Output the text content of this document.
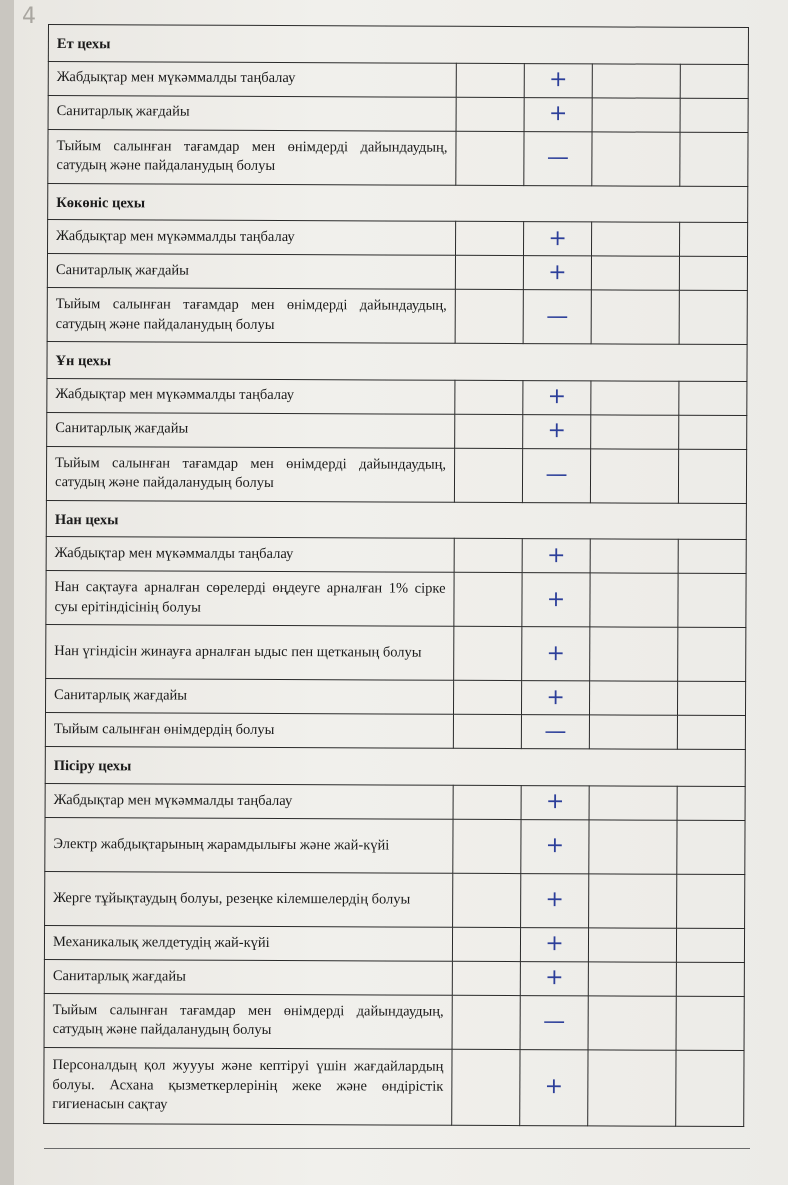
4
Ет цехы				
Жабдықтар мен мүкәммалды таңбалау		+		
Санитарлық жағдайы		+		
Тыйым салынған тағамдар мен өнімдерді дайындаудың, сатудың және пайдаланудың болуы		—		
Көкөніс цехы				
Жабдықтар мен мүкәммалды таңбалау		+		
Санитарлық жағдайы		+		
Тыйым салынған тағамдар мен өнімдерді дайындаудың, сатудың және пайдаланудың болуы		—		
Ұн цехы				
Жабдықтар мен мүкәммалды таңбалау		+		
Санитарлық жағдайы		+		
Тыйым салынған тағамдар мен өнімдерді дайындаудың, сатудың және пайдаланудың болуы		—		
Нан цехы				
Жабдықтар мен мүкәммалды таңбалау		+		
Нан сақтауға арналған сөрелерді өңдеуге арналған 1% сірке суы ерітіндісінің болуы		+		
Нан үгіндісін жинауға арналған ыдыс пен щетканың болуы		+		
Санитарлық жағдайы		+		
Тыйым салынған өнімдердің болуы		—		
Пісіру цехы				
Жабдықтар мен мүкәммалды таңбалау		+		
Электр жабдықтарының жарамдылығы және жай-күйі		+		
Жерге тұйықтаудың болуы, резеңке кілемшелердің болуы		+		
Механикалық желдетудің жай-күйі		+		
Санитарлық жағдайы		+		
Тыйым салынған тағамдар мен өнімдерді дайындаудың, сатудың және пайдаланудың болуы		—		
Персоналдың қол жуууы және кептіруі үшін жағдайлардың болуы. Асхана қызметкерлерінің жеке және өндірістік гигиенасын сақтау		+		
